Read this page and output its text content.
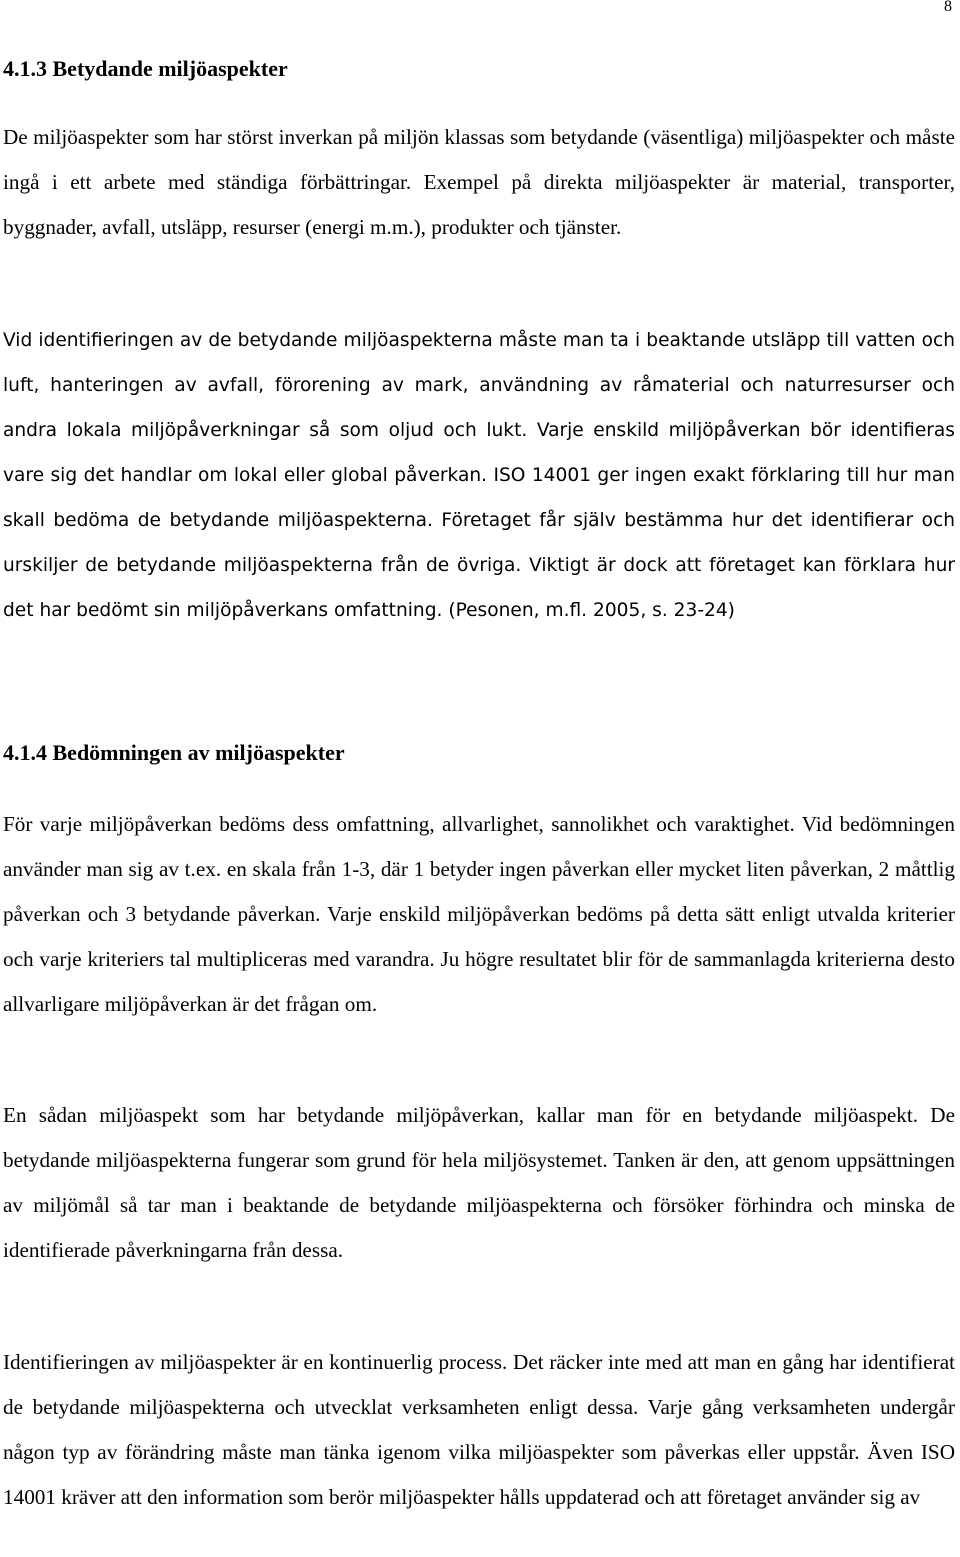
8
4.1.3 Betydande miljöaspekter

De miljöaspekter som har störst inverkan på miljön klassas som betydande (väsentliga) miljöaspekter och måste ingå i ett arbete med ständiga förbättringar. Exempel på direkta miljöaspekter är material, transporter, byggnader, avfall, utsläpp, resurser (energi m.m.), produkter och tjänster.

Vid identifieringen av de betydande miljöaspekterna måste man ta i beaktande utsläpp till vatten och luft, hanteringen av avfall, förorening av mark, användning av råmaterial och naturresurser och andra lokala miljöpåverkningar så som oljud och lukt. Varje enskild miljöpåverkan bör identifieras vare sig det handlar om lokal eller global påverkan. ISO 14001 ger ingen exakt förklaring till hur man skall bedöma de betydande miljöaspekterna. Företaget får själv bestämma hur det identifierar och urskiljer de betydande miljöaspekterna från de övriga. Viktigt är dock att företaget kan förklara hur det har bedömt sin miljöpåverkans omfattning. (Pesonen, m.fl. 2005, s. 23-24)

4.1.4 Bedömningen av miljöaspekter

För varje miljöpåverkan bedöms dess omfattning, allvarlighet, sannolikhet och varaktighet. Vid bedömningen använder man sig av t.ex. en skala från 1-3, där 1 betyder ingen påverkan eller mycket liten påverkan, 2 måttlig påverkan och 3 betydande påverkan. Varje enskild miljöpåverkan bedöms på detta sätt enligt utvalda kriterier och varje kriteriers tal multipliceras med varandra. Ju högre resultatet blir för de sammanlagda kriterierna desto allvarligare miljöpåverkan är det frågan om.

En sådan miljöaspekt som har betydande miljöpåverkan, kallar man för en betydande miljöaspekt. De betydande miljöaspekterna fungerar som grund för hela miljösystemet. Tanken är den, att genom uppsättningen av miljömål så tar man i beaktande de betydande miljöaspekterna och försöker förhindra och minska de identifierade påverkningarna från dessa.

Identifieringen av miljöaspekter är en kontinuerlig process. Det räcker inte med att man en gång har identifierat de betydande miljöaspekterna och utvecklat verksamheten enligt dessa. Varje gång verksamheten undergår någon typ av förändring måste man tänka igenom vilka miljöaspekter som påverkas eller uppstår. Även ISO 14001 kräver att den information som berör miljöaspekter hålls uppdaterad och att företaget använder sig av
